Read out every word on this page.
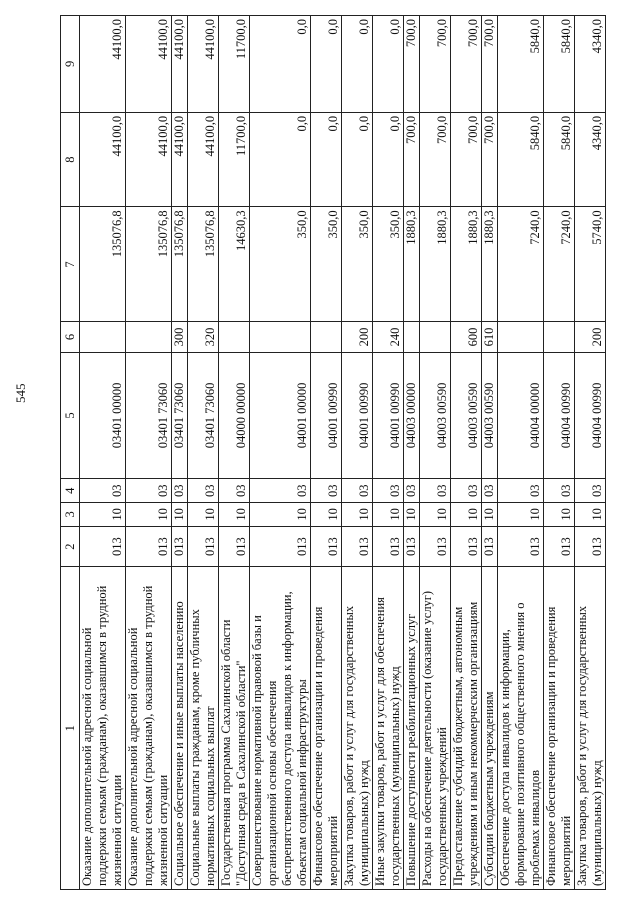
545
1	2	3	4	5	6	7	8	9
Оказание дополнительной адресной социальной поддержки семьям (гражданам), оказавшимся в трудной жизненной ситуации	013	10	03	03401 00000		135076,8	44100,0	44100,0
Оказание дополнительной адресной социальной поддержки семьям (гражданам), оказавшимся в трудной жизненной ситуации	013	10	03	03401 73060		135076,8	44100,0	44100,0
Социальное обеспечение и иные выплаты населению	013	10	03	03401 73060	300	135076,8	44100,0	44100,0
Социальные выплаты гражданам, кроме публичных нормативных социальных выплат	013	10	03	03401 73060	320	135076,8	44100,0	44100,0
Государственная программа Сахалинской области "Доступная среда в Сахалинской области"	013	10	03	04000 00000		14630,3	11700,0	11700,0
Совершенствование нормативной правовой базы и организационной основы обеспечения беспрепятственного доступа инвалидов к информации, объектам социальной инфраструктуры	013	10	03	04001 00000		350,0	0,0	0,0
Финансовое обеспечение организации и проведения мероприятий	013	10	03	04001 00990		350,0	0,0	0,0
Закупка товаров, работ и услуг для государственных (муниципальных) нужд	013	10	03	04001 00990	200	350,0	0,0	0,0
Иные закупки товаров, работ и услуг для обеспечения государственных (муниципальных) нужд	013	10	03	04001 00990	240	350,0	0,0	0,0
Повышение доступности реабилитационных услуг	013	10	03	04003 00000		1880,3	700,0	700,0
Расходы на обеспечение деятельности (оказание услуг) государственных учреждений	013	10	03	04003 00590		1880,3	700,0	700,0
Предоставление субсидий бюджетным, автономным учреждениям и иным некоммерческим организациям	013	10	03	04003 00590	600	1880,3	700,0	700,0
Субсидии бюджетным учреждениям	013	10	03	04003 00590	610	1880,3	700,0	700,0
Обеспечение доступа инвалидов к информации, формирование позитивного общественного мнения о проблемах инвалидов	013	10	03	04004 00000		7240,0	5840,0	5840,0
Финансовое обеспечение организации и проведения мероприятий	013	10	03	04004 00990		7240,0	5840,0	5840,0
Закупка товаров, работ и услуг для государственных (муниципальных) нужд	013	10	03	04004 00990	200	5740,0	4340,0	4340,0
